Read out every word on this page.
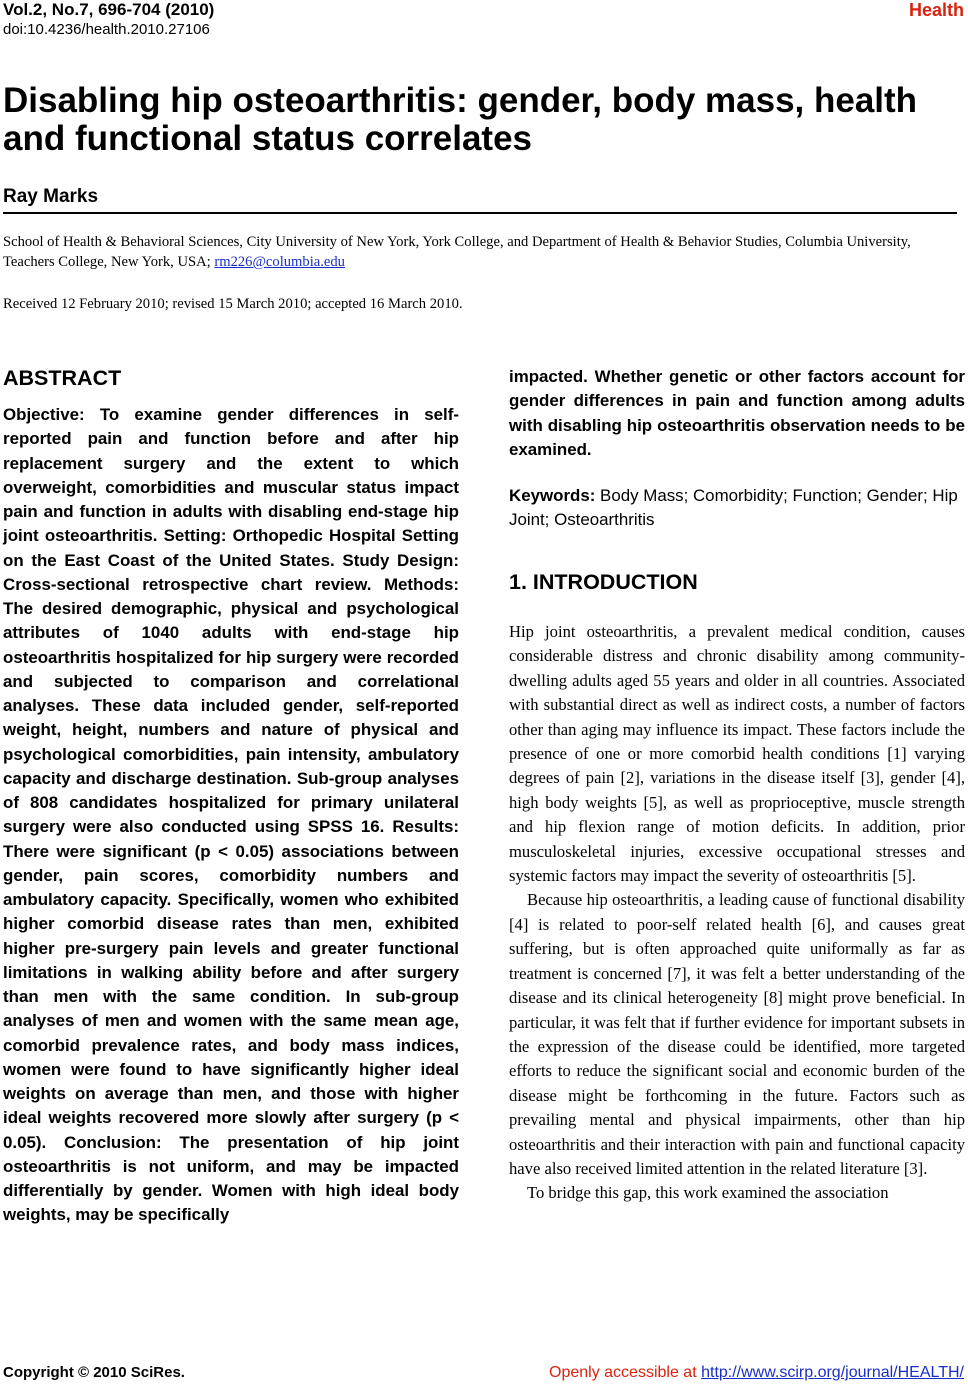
Vol.2, No.7, 696-704 (2010)
doi:10.4236/health.2010.27106
Health
Disabling hip osteoarthritis: gender, body mass, health and functional status correlates
Ray Marks
School of Health & Behavioral Sciences, City University of New York, York College, and Department of Health & Behavior Studies, Columbia University, Teachers College, New York, USA; rm226@columbia.edu
Received 12 February 2010; revised 15 March 2010; accepted 16 March 2010.
ABSTRACT
Objective: To examine gender differences in self-reported pain and function before and after hip replacement surgery and the extent to which overweight, comorbidities and muscular status impact pain and function in adults with disabling end-stage hip joint osteoarthritis. Setting: Orthopedic Hospital Setting on the East Coast of the United States. Study Design: Cross-sectional retrospective chart review. Methods: The desired demographic, physical and psychological attributes of 1040 adults with end-stage hip osteoarthritis hospitalized for hip surgery were recorded and subjected to comparison and correlational analyses. These data included gender, self-reported weight, height, numbers and nature of physical and psychological comorbidities, pain intensity, ambulatory capacity and discharge destination. Sub-group analyses of 808 candidates hospitalized for primary unilateral surgery were also conducted using SPSS 16. Results: There were significant (p < 0.05) associations between gender, pain scores, comorbidity numbers and ambulatory capacity. Specifically, women who exhibited higher comorbid disease rates than men, exhibited higher pre-surgery pain levels and greater functional limitations in walking ability before and after surgery than men with the same condition. In sub-group analyses of men and women with the same mean age, comorbid prevalence rates, and body mass indices, women were found to have significantly higher ideal weights on average than men, and those with higher ideal weights recovered more slowly after surgery (p < 0.05). Conclusion: The presentation of hip joint osteoarthritis is not uniform, and may be impacted differentially by gender. Women with high ideal body weights, may be specifically
impacted. Whether genetic or other factors account for gender differences in pain and function among adults with disabling hip osteoarthritis observation needs to be examined.
Keywords: Body Mass; Comorbidity; Function; Gender; Hip Joint; Osteoarthritis
1. INTRODUCTION

Hip joint osteoarthritis, a prevalent medical condition, causes considerable distress and chronic disability among community-dwelling adults aged 55 years and older in all countries. Associated with substantial direct as well as indirect costs, a number of factors other than aging may influence its impact. These factors include the presence of one or more comorbid health conditions [1] varying degrees of pain [2], variations in the disease itself [3], gender [4], high body weights [5], as well as proprioceptive, muscle strength and hip flexion range of motion deficits. In addition, prior musculoskeletal injuries, excessive occupational stresses and systemic factors may impact the severity of osteoarthritis [5].

Because hip osteoarthritis, a leading cause of functional disability [4] is related to poor-self related health [6], and causes great suffering, but is often approached quite uniformally as far as treatment is concerned [7], it was felt a better understanding of the disease and its clinical heterogeneity [8] might prove beneficial. In particular, it was felt that if further evidence for important subsets in the expression of the disease could be identified, more targeted efforts to reduce the significant social and economic burden of the disease might be forthcoming in the future. Factors such as prevailing mental and physical impairments, other than hip osteoarthritis and their interaction with pain and functional capacity have also received limited attention in the related literature [3].

To bridge this gap, this work examined the association

Copyright © 2010 SciRes.	Openly accessible at http://www.scirp.org/journal/HEALTH/
